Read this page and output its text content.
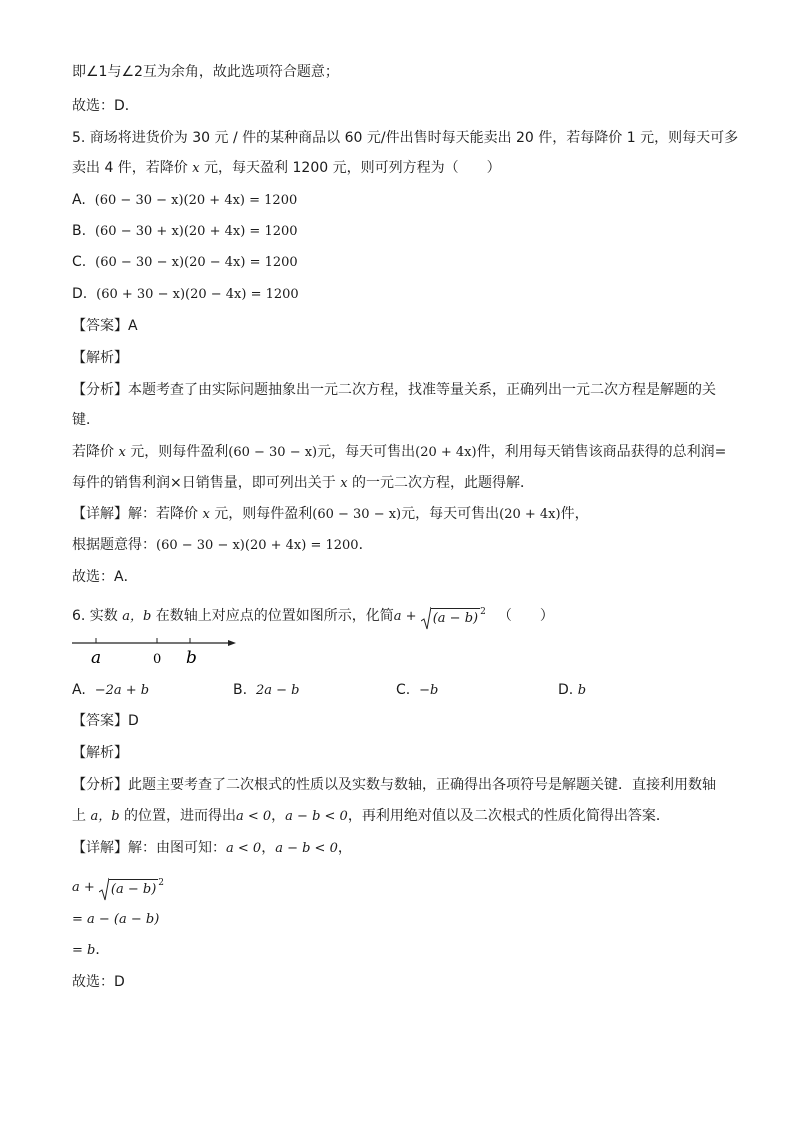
即∠1与∠2互为余角，故此选项符合题意；
故选：D．
5. 商场将进货价为 30 元 / 件的某种商品以 60 元/件出售时每天能卖出 20 件，若每降价 1 元，则每天可多
卖出 4 件，若降价 x 元，每天盈利 1200 元，则可列方程为（ ）
A. (60 − 30 − x)(20 + 4x) = 1200
B. (60 − 30 + x)(20 + 4x) = 1200
C. (60 − 30 − x)(20 − 4x) = 1200
D. (60 + 30 − x)(20 − 4x) = 1200
【答案】A
【解析】
【分析】本题考查了由实际问题抽象出一元二次方程，找准等量关系，正确列出一元二次方程是解题的关
键．
若降价 x 元，则每件盈利(60 − 30 − x)元，每天可售出(20 + 4x)件，利用每天销售该商品获得的总利润=
每件的销售利润×日销售量，即可列出关于 x 的一元二次方程，此题得解．
【详解】解：若降价 x 元，则每件盈利(60 − 30 − x)元，每天可售出(20 + 4x)件，
根据题意得：(60 − 30 − x)(20 + 4x) = 1200．
故选：A．
6. 实数 a，b 在数轴上对应点的位置如图所示，化简a + (a − b) $^2$ （ ）
a	0 b
A. −2a + b	B. 2a − b	C. −b	D. b
【答案】D
【解析】
【分析】此题主要考查了二次根式的性质以及实数与数轴，正确得出各项符号是解题关键．直接利用数轴
上 a，b 的位置，进而得出a < 0，a − b < 0，再利用绝对值以及二次根式的性质化简得出答案．
【详解】解：由图可知：a < 0，a − b < 0，
a + (a − b) $^2$
= a − (a − b)
= b．
故选：D
